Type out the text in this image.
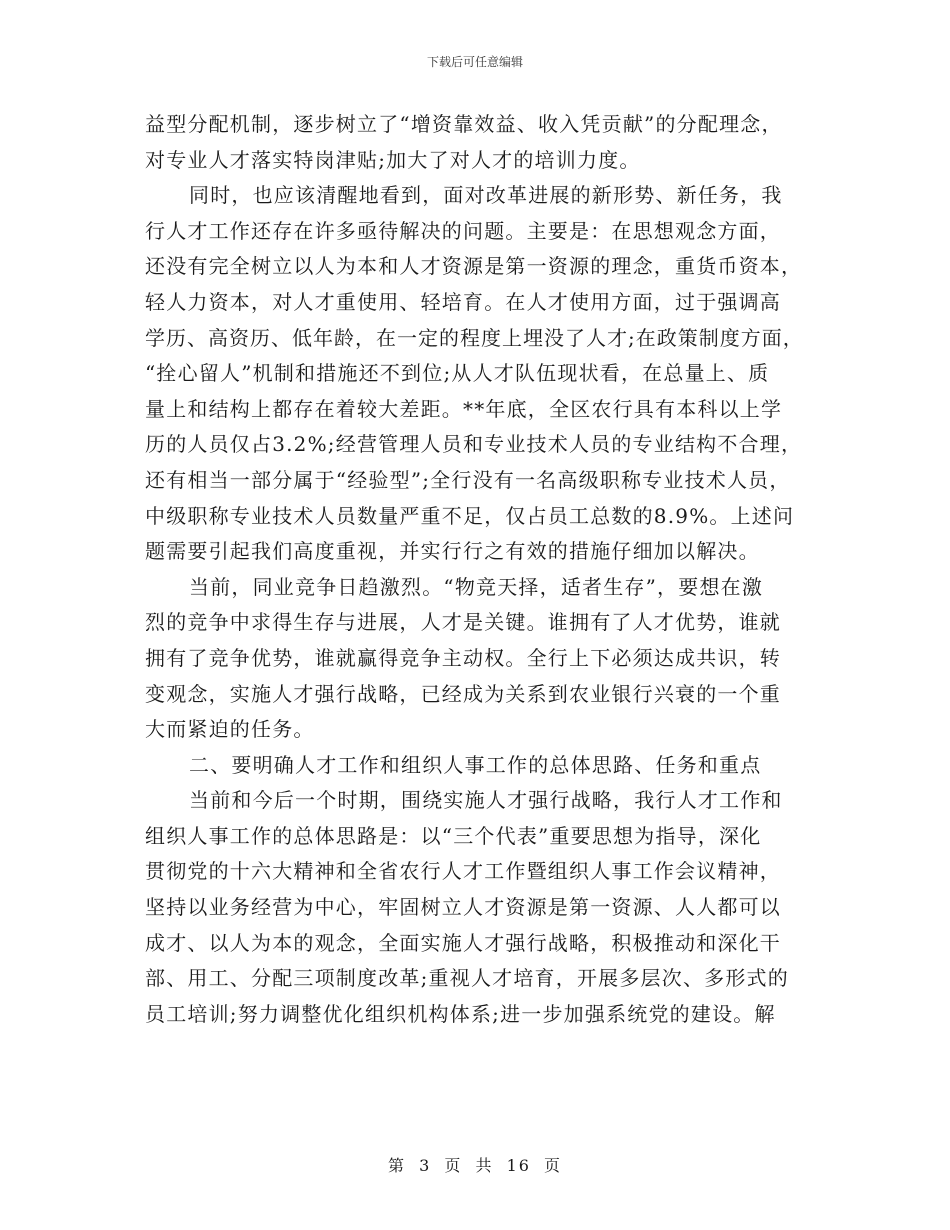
下载后可任意编辑

益型分配机制，逐步树立了“增资靠效益、收入凭贡献”的分配理念，
对专业人才落实特岗津贴;加大了对人才的培训力度。

同时，也应该清醒地看到，面对改革进展的新形势、新任务，我
行人才工作还存在许多亟待解决的问题。主要是：在思想观念方面，
还没有完全树立以人为本和人才资源是第一资源的理念，重货币资本，
轻人力资本，对人才重使用、轻培育。在人才使用方面，过于强调高
学历、高资历、低年龄，在一定的程度上埋没了人才;在政策制度方面，
“拴心留人”机制和措施还不到位;从人才队伍现状看，在总量上、质
量上和结构上都存在着较大差距。**年底，全区农行具有本科以上学
历的人员仅占3.2%;经营管理人员和专业技术人员的专业结构不合理，
还有相当一部分属于“经验型”;全行没有一名高级职称专业技术人员，
中级职称专业技术人员数量严重不足，仅占员工总数的8.9%。上述问
题需要引起我们高度重视，并实行行之有效的措施仔细加以解决。

当前，同业竞争日趋激烈。“物竞天择，适者生存”，要想在激
烈的竞争中求得生存与进展，人才是关键。谁拥有了人才优势，谁就
拥有了竞争优势，谁就赢得竞争主动权。全行上下必须达成共识，转
变观念，实施人才强行战略，已经成为关系到农业银行兴衰的一个重
大而紧迫的任务。

二、要明确人才工作和组织人事工作的总体思路、任务和重点

当前和今后一个时期，围绕实施人才强行战略，我行人才工作和
组织人事工作的总体思路是：以“三个代表”重要思想为指导，深化
贯彻党的十六大精神和全省农行人才工作暨组织人事工作会议精神，
坚持以业务经营为中心，牢固树立人才资源是第一资源、人人都可以
成才、以人为本的观念，全面实施人才强行战略，积极推动和深化干
部、用工、分配三项制度改革;重视人才培育，开展多层次、多形式的
员工培训;努力调整优化组织机构体系;进一步加强系统党的建设。解

第 3 页 共 16 页
